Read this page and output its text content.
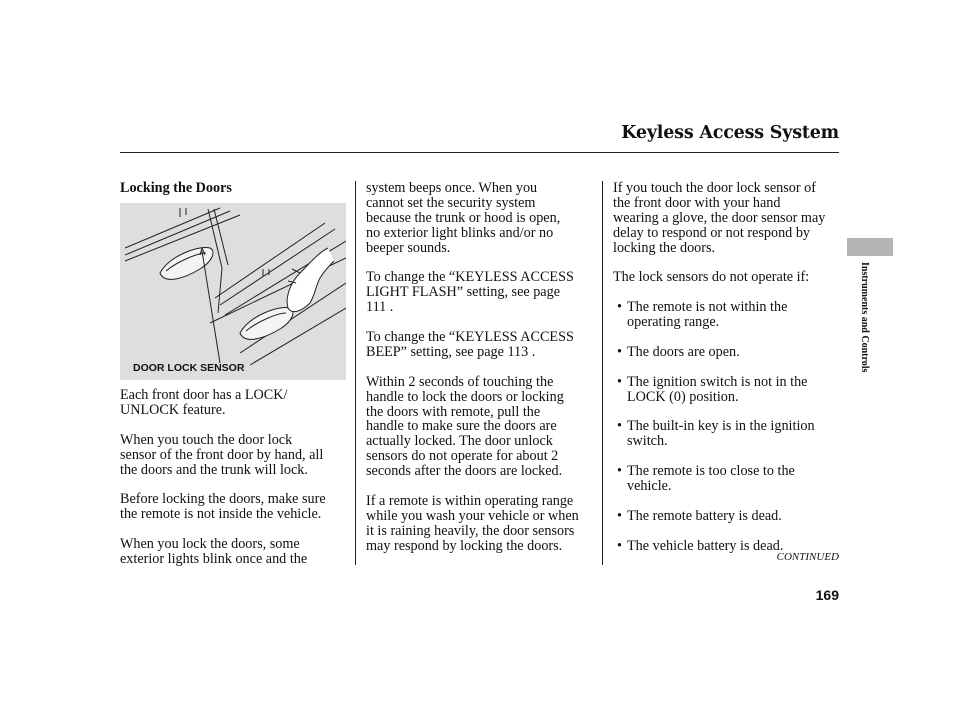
Keyless Access System
Instruments and Controls
Locking the Doors
DOOR LOCK SENSOR

Each front door has a LOCK/
UNLOCK feature.

When you touch the door lock
sensor of the front door by hand, all
the doors and the trunk will lock.

Before locking the doors, make sure
the remote is not inside the vehicle.

When you lock the doors, some
exterior lights blink once and the

system beeps once. When you
cannot set the security system
because the trunk or hood is open,
no exterior light blinks and/or no
beeper sounds.

To change the “KEYLESS ACCESS
LIGHT FLASH” setting, see page
111 .

To change the “KEYLESS ACCESS
BEEP” setting, see page 113 .

Within 2 seconds of touching the
handle to lock the doors or locking
the doors with remote, pull the
handle to make sure the doors are
actually locked. The door unlock
sensors do not operate for about 2
seconds after the doors are locked.

If a remote is within operating range
while you wash your vehicle or when
it is raining heavily, the door sensors
may respond by locking the doors.

If you touch the door lock sensor of
the front door with your hand
wearing a glove, the door sensor may
delay to respond or not respond by
locking the doors.

The lock sensors do not operate if:

• The remote is not within the
operating range.
• The doors are open.
• The ignition switch is not in the
LOCK (0) position.
• The built-in key is in the ignition
switch.
• The remote is too close to the
vehicle.
• The remote battery is dead.
• The vehicle battery is dead.
CONTINUED
169
